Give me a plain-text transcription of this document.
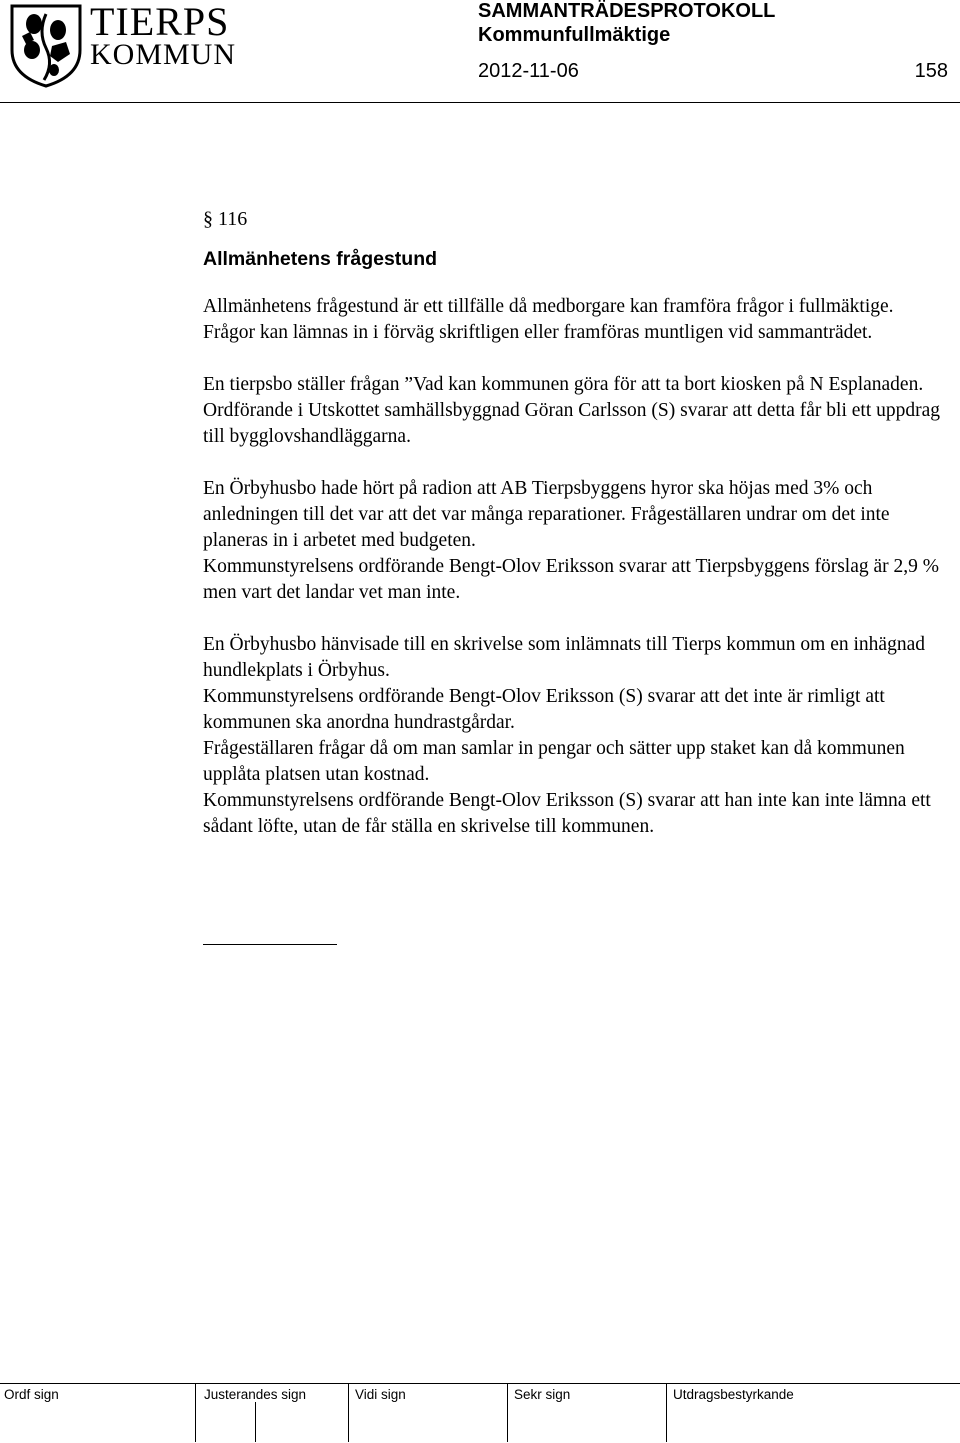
TIERPS
KOMMUN
SAMMANTRÄDESPROTOKOLL
Kommunfullmäktige
2012-11-06	158
§ 116
Allmänhetens frågestund

Allmänhetens frågestund är ett tillfälle då medborgare kan framföra frågor i fullmäktige. Frågor kan lämnas in i förväg skriftligen eller framföras muntligen vid sammanträdet.

En tierpsbo ställer frågan ”Vad kan kommunen göra för att ta bort kiosken på N Esplanaden.

Ordförande i Utskottet samhällsbyggnad Göran Carlsson (S) svarar att detta får bli ett uppdrag till bygglovshandläggarna.

En Örbyhusbo hade hört på radion att AB Tierpsbyggens hyror ska höjas med 3% och anledningen till det var att det var många reparationer. Frågeställaren undrar om det inte planeras in i arbetet med budgeten.

Kommunstyrelsens ordförande Bengt-Olov Eriksson svarar att Tierpsbyggens förslag är 2,9 % men vart det landar vet man inte.

En Örbyhusbo hänvisade till en skrivelse som inlämnats till Tierps kommun om en inhägnad hundlekplats i Örbyhus.

Kommunstyrelsens ordförande Bengt-Olov Eriksson (S) svarar att det inte är rimligt att kommunen ska anordna hundrastgårdar.

Frågeställaren frågar då om man samlar in pengar och sätter upp staket kan då kommunen upplåta platsen utan kostnad.

Kommunstyrelsens ordförande Bengt-Olov Eriksson (S) svarar att han inte kan inte lämna ett sådant löfte, utan de får ställa en skrivelse till kommunen.

Ordf sign	Justerandes sign	Vidi sign	Sekr sign	Utdragsbestyrkande
